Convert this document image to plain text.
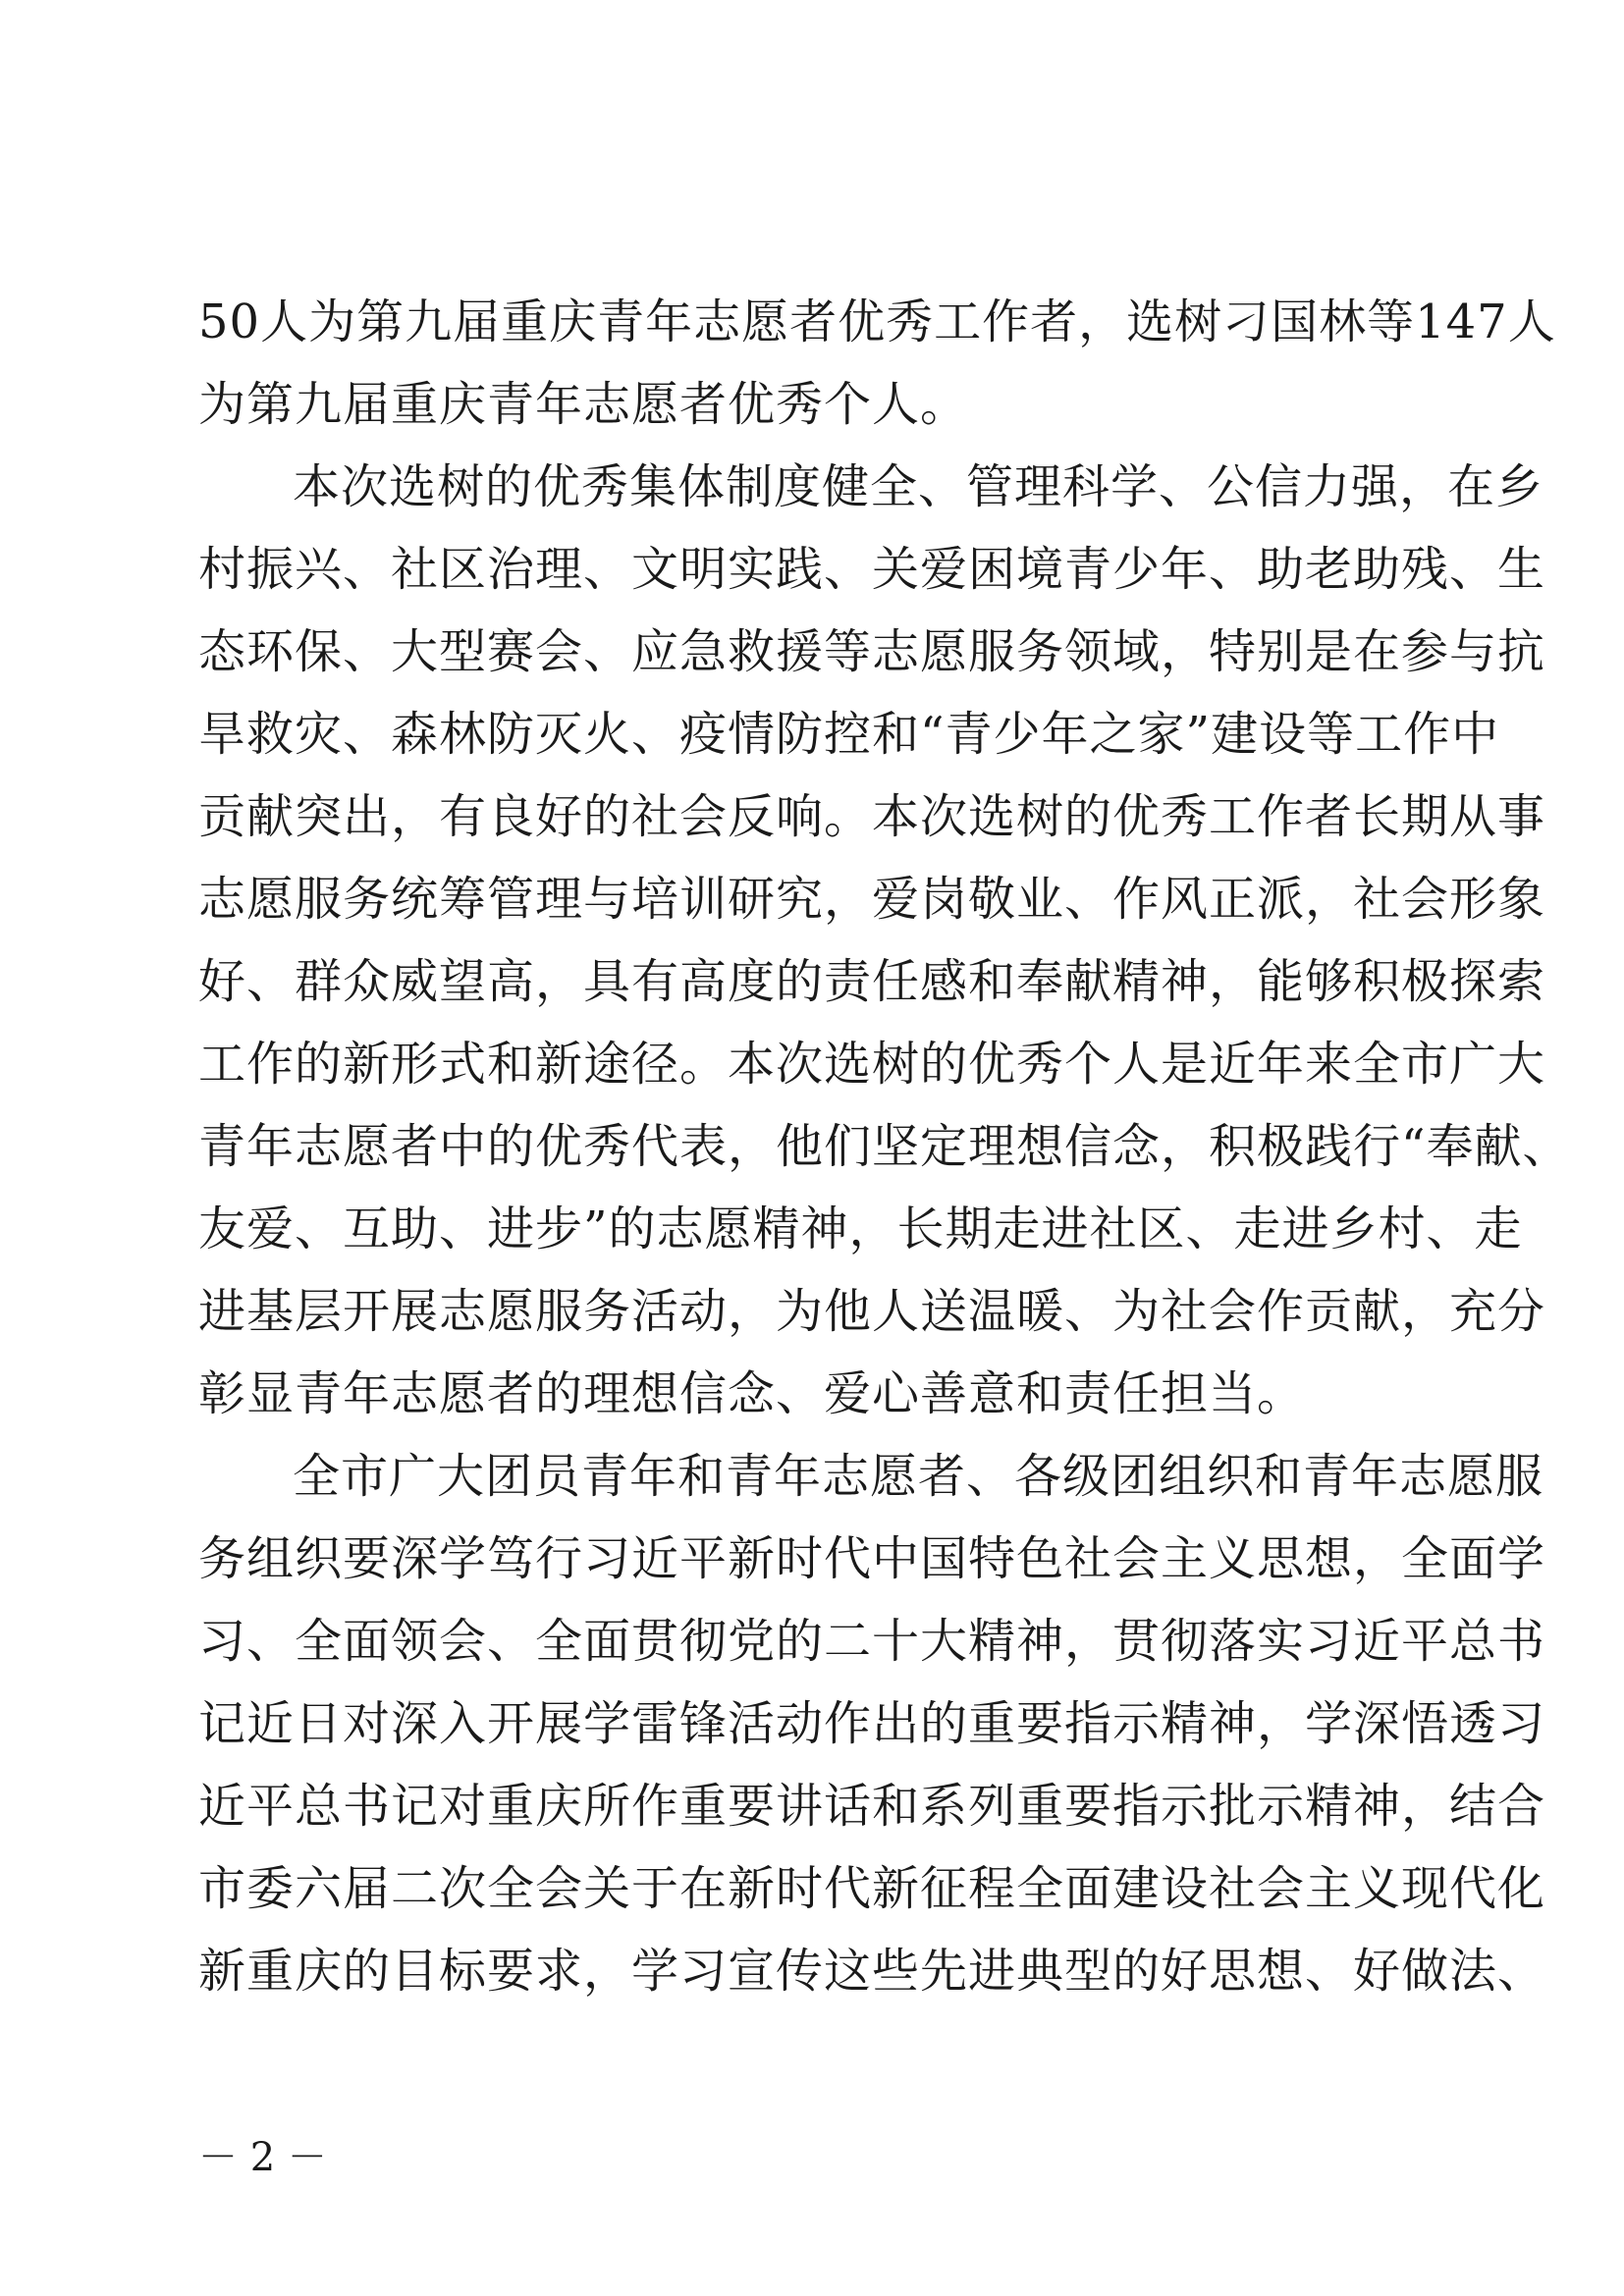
50人为第九届重庆青年志愿者优秀工作者，选树刁国林等147人
为第九届重庆青年志愿者优秀个人。
本次选树的优秀集体制度健全、管理科学、公信力强，在乡
村振兴、社区治理、文明实践、关爱困境青少年、助老助残、生
态环保、大型赛会、应急救援等志愿服务领域，特别是在参与抗
旱救灾、森林防灭火、疫情防控和“青少年之家”建设等工作中
贡献突出，有良好的社会反响。本次选树的优秀工作者长期从事
志愿服务统筹管理与培训研究，爱岗敬业、作风正派，社会形象
好、群众威望高，具有高度的责任感和奉献精神，能够积极探索
工作的新形式和新途径。本次选树的优秀个人是近年来全市广大
青年志愿者中的优秀代表，他们坚定理想信念，积极践行“奉献、
友爱、互助、进步”的志愿精神，长期走进社区、走进乡村、走
进基层开展志愿服务活动，为他人送温暖、为社会作贡献，充分
彰显青年志愿者的理想信念、爱心善意和责任担当。
全市广大团员青年和青年志愿者、各级团组织和青年志愿服
务组织要深学笃行习近平新时代中国特色社会主义思想，全面学
习、全面领会、全面贯彻党的二十大精神，贯彻落实习近平总书
记近日对深入开展学雷锋活动作出的重要指示精神，学深悟透习
近平总书记对重庆所作重要讲话和系列重要指示批示精神，结合
市委六届二次全会关于在新时代新征程全面建设社会主义现代化
新重庆的目标要求，学习宣传这些先进典型的好思想、好做法、
－ 2 －
